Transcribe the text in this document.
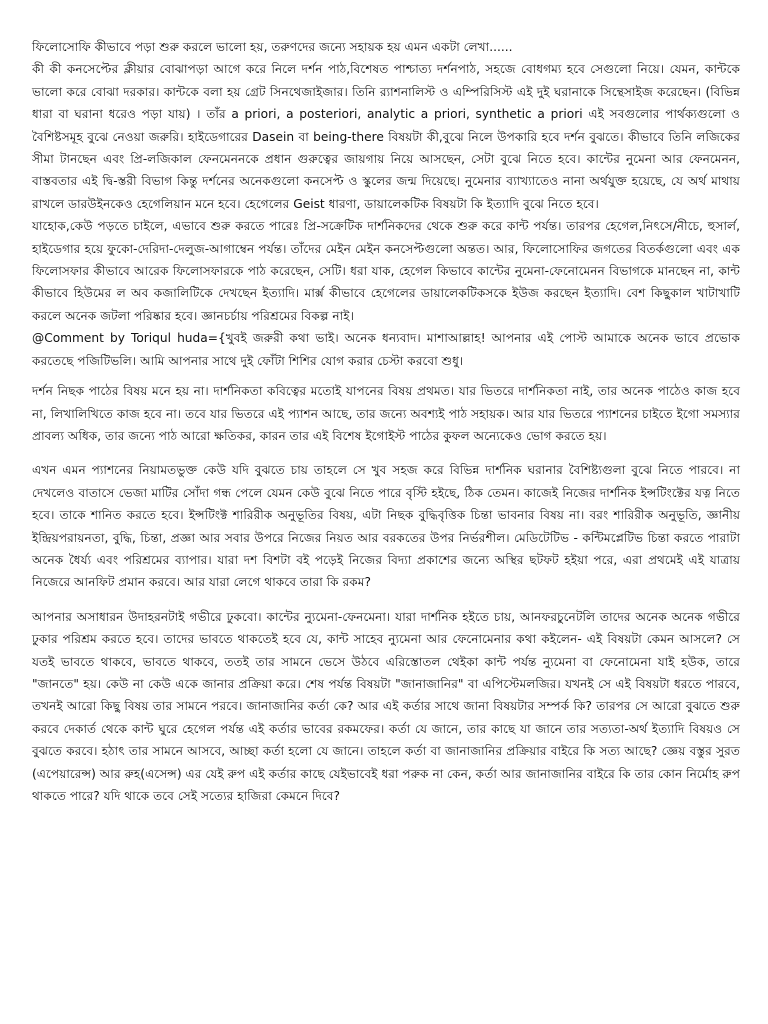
ফিলোসোফি কীভাবে পড়া শুরু করলে ভালো হয়, তরুণদের জন্যে সহায়ক হয় এমন একটা লেখা......

কী কী কনসেপ্টের ক্লীয়ার বোঝাপড়া আগে করে নিলে দর্শন পাঠ,বিশেষত পাশ্চাত্য দর্শনপাঠ, সহজে বোধগম্য হবে সেগুলো নিয়ে। যেমন, কান্টকে ভালো করে বোঝা দরকার। কান্টকে বলা হয় গ্রেট সিনথেজাইজার। তিনি র‍্যাশনালিস্ট ও এম্পিরিসিস্ট এই দুই ঘরানাকে সিন্থেসাইজ করেছেন। (বিভিন্ন ধারা বা ঘরানা ধরেও পড়া যায়) । তাঁর a priori, a posteriori, analytic a priori, synthetic a priori এই সবগুলোর পার্থক্যগুলো ও বৈশিষ্টসমূহ বুঝে নেওয়া জরুরি। হাইডেগারের Dasein বা being-there বিষয়টা কী,বুঝে নিলে উপকারি হবে দর্শন বুঝতে। কীভাবে তিনি লজিকের সীমা টানছেন এবং প্রি-লজিকাল ফেনমেননকে প্রধান গুরুত্বের জায়গায় নিয়ে আসছেন, সেটা বুঝে নিতে হবে। কান্টের নুমেনা আর ফেনমেনন, বাস্তবতার এই দ্বি-স্তরী বিভাগ কিন্তু দর্শনের অনেকগুলো কনসেপ্ট ও স্কুলের জন্ম দিয়েছে। নুমেনার ব্যাখ্যাতেও নানা অর্থযুক্ত হয়েছে, যে অর্থ মাথায় রাখলে ডারউইনকেও হেগেলিয়ান মনে হবে। হেগেলের Geist ধারণা, ডায়ালেকটিক বিষয়টা কি ইত্যাদি বুঝে নিতে হবে।

যাহোক,কেউ পড়তে চাইলে, এভাবে শুরু করতে পারেঃ প্রি-সক্রেটিক দার্শনিকদের থেকে শুরু করে কান্ট পর্যন্ত। তারপর হেগেল,নিৎসে/নীচে, হুসার্ল, হাইডেগার হয়ে ফুকো-দেরিদা-দেলুজ-আগাম্বেন পর্যন্ত। তাঁদের মেইন মেইন কনসেপ্টগুলো অন্তত। আর, ফিলোসোফির জগতের বিতর্কগুলো এবং এক ফিলোসফার কীভাবে আরেক ফিলোসফারকে পাঠ করেছেন, সেটি। ধরা যাক, হেগেল কিভাবে কান্টের নুমেনা-ফেনোমেনন বিভাগকে মানছেন না, কান্ট কীভাবে হিউমের ল অব কজালিটিকে দেখছেন ইত্যাদি। মার্ক্স কীভাবে হেগেলের ডায়ালেকটিকসকে ইউজ করছেন ইত্যাদি। বেশ কিছুকাল খাটাখাটি করলে অনেক জটলা পরিষ্কার হবে। জ্ঞানচর্চায় পরিশ্রমের বিকল্প নাই।

@Comment by Toriqul huda={খুবই জরুরী কথা ভাই। অনেক ধন্যবাদ। মাশাআল্লাহ! আপনার এই পোস্ট আমাকে অনেক ভাবে প্রভোক করতেছে পজিটিভলি। আমি আপনার সাথে দুই ফোঁটা শিশির যোগ করার চেস্টা করবো শুধু।

দর্শন নিছক পাঠের বিষয় মনে হয় না। দার্শনিকতা কবিত্বের মতোই যাপনের বিষয় প্রথমত। যার ভিতরে দার্শনিকতা নাই, তার অনেক পাঠেও কাজ হবে না, লিখালিখিতে কাজ হবে না। তবে যার ভিতরে এই প্যাশন আছে, তার জন্যে অবশ্যই পাঠ সহায়ক। আর যার ভিতরে প্যাশনের চাইতে ইগো সমস্যার প্রাবল্য অধিক, তার জন্যে পাঠ আরো ক্ষতিকর, কারন তার এই বিশেষ ইগোইস্ট পাঠের কুফল অন্যেকেও ভোগ করতে হয়।

এখন এমন প্যাশনের নিয়ামতভুক্ত কেউ যদি বুঝতে চায় তাহলে সে খুব সহজ করে বিভিন্ন দার্শনিক ঘরানার বৈশিষ্ট্যগুলা বুঝে নিতে পারবে। না দেখলেও বাতাসে ভেজা মাটির সোঁদা গন্ধ পেলে যেমন কেউ বুঝে নিতে পারে বৃস্টি হইছে, ঠিক তেমন। কাজেই নিজের দার্শনিক ইন্সটিংক্টের যত্ন নিতে হবে। তাকে শানিত করতে হবে। ইন্সটিংক্ট শারিরীক অনুভূতির বিষয়, এটা নিছক বুদ্ধিবৃত্তিক চিন্তা ভাবনার বিষয় না। বরং শারিরীক অনুভূতি, জ্ঞানীয় ইন্দ্রিয়পরায়নতা, বুদ্ধি, চিন্তা, প্রজ্ঞা আর সবার উপরে নিজের নিয়ত আর বরকতের উপর নির্ভরশীল। মেডিটেটিভ - কন্টিমপ্লেটিভ চিন্তা করতে পারাটা অনেক ধৈর্য্য এবং পরিশ্রমের ব্যাপার। যারা দশ বিশটা বই পড়েই নিজের বিদ্যা প্রকাশের জন্যে অস্থির ছটফট হইয়া পরে, এরা প্রথমেই এই যাত্রায় নিজেরে আনফিট প্রমান করবে। আর যারা লেগে থাকবে তারা কি রকম?

আপনার অসাধারন উদাহরনটাই গভীরে ঢুকবো। কান্টের ন্যুমেনা-ফেনমেনা। যারা দার্শনিক হইতে চায়, আনফরচুনেটলি তাদের অনেক অনেক গভীরে ঢুকার পরিশ্রম করতে হবে। তাদের ভাবতে থাকতেই হবে যে, কান্ট সাহেব ন্যুমেনা আর ফেনোমেনার কথা কইলেন- এই বিষয়টা কেমন আসলে? সে যতই ভাবতে থাকবে, ভাবতে থাকবে, ততই তার সামনে ভেসে উঠবে এরিস্তোতল থেইকা কান্ট পর্যন্ত ন্যুমেনা বা ফেনোমেনা যাই হউক, তারে "জানতে" হয়। কেউ না কেউ একে জানার প্রক্রিয়া করে। শেষ পর্যন্ত বিষয়টা "জানাজানির" বা এপিস্টেমলজির। যখনই সে এই বিষয়টা ধরতে পারবে, তখনই আরো কিছু বিষয় তার সামনে পরবে। জানাজানির কর্তা কে? আর এই কর্তার সাথে জানা বিষয়টার সম্পর্ক কি? তারপর সে আরো বুঝতে শুরু করবে দেকার্ত থেকে কান্ট ঘুরে হেগেল পর্যন্ত এই কর্তার ভাবের রকমফের। কর্তা যে জানে, তার কাছে যা জানে তার সত্যতা-অর্থ ইত্যাদি বিষয়ও সে বুঝতে করবে। হঠাৎ তার সামনে আসবে, আচ্ছা কর্তা হলো যে জানে। তাহলে কর্তা বা জানাজানির প্রক্রিয়ার বাইরে কি সত্য আছে? জ্ঞেয় বস্তুর সুরত (এপেয়ারেন্স) আর রুহ(এসেন্স) এর যেই রুপ এই কর্তার কাছে যেইভাবেই ধরা পরুক না কেন, কর্তা আর জানাজানির বাইরে কি তার কোন নির্মোহ রুপ থাকতে পারে? যদি থাকে তবে সেই সত্যের হাজিরা কেমনে দিবে?
